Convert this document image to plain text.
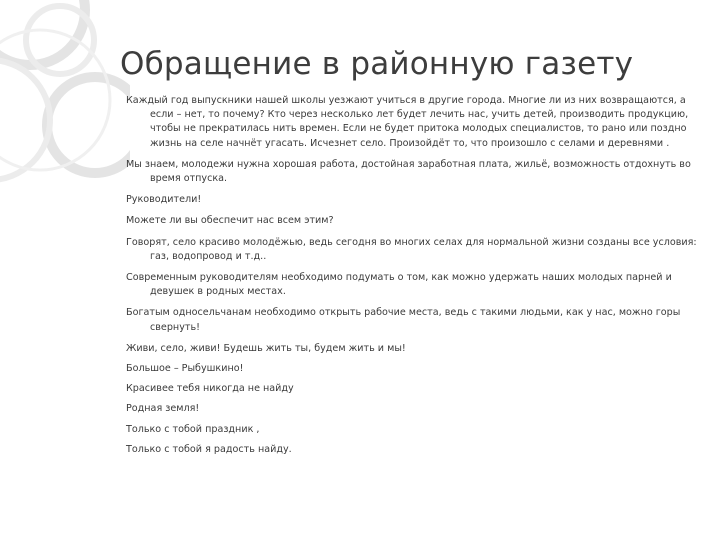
Обращение в районную газету

Каждый год выпускники нашей школы уезжают учиться в другие города. Многие ли из них возвращаются, а если – нет, то почему? Кто через несколько лет будет лечить нас, учить детей, производить продукцию, чтобы не прекратилась нить времен. Если не будет притока молодых специалистов, то рано или поздно жизнь на селе начнёт угасать. Исчезнет село. Произойдёт то, что произошло с селами и деревнями .

Мы знаем, молодежи нужна хорошая работа, достойная заработная плата, жильё, возможность отдохнуть во время отпуска.

Руководители!

Можете ли вы обеспечит нас всем этим?

Говорят, село красиво молодёжью, ведь сегодня во многих селах для нормальной жизни созданы все условия: газ, водопровод и т.д..

Современным руководителям необходимо подумать о том, как можно удержать наших молодых парней и девушек в родных местах.

Богатым односельчанам необходимо открыть рабочие места, ведь с такими людьми, как у нас, можно горы свернуть!

Живи, село, живи! Будешь жить ты, будем жить и мы!

Большое – Рыбушкино!

Красивее тебя никогда не найду

Родная земля!

Только с тобой праздник ,

Только с тобой я радость найду.
